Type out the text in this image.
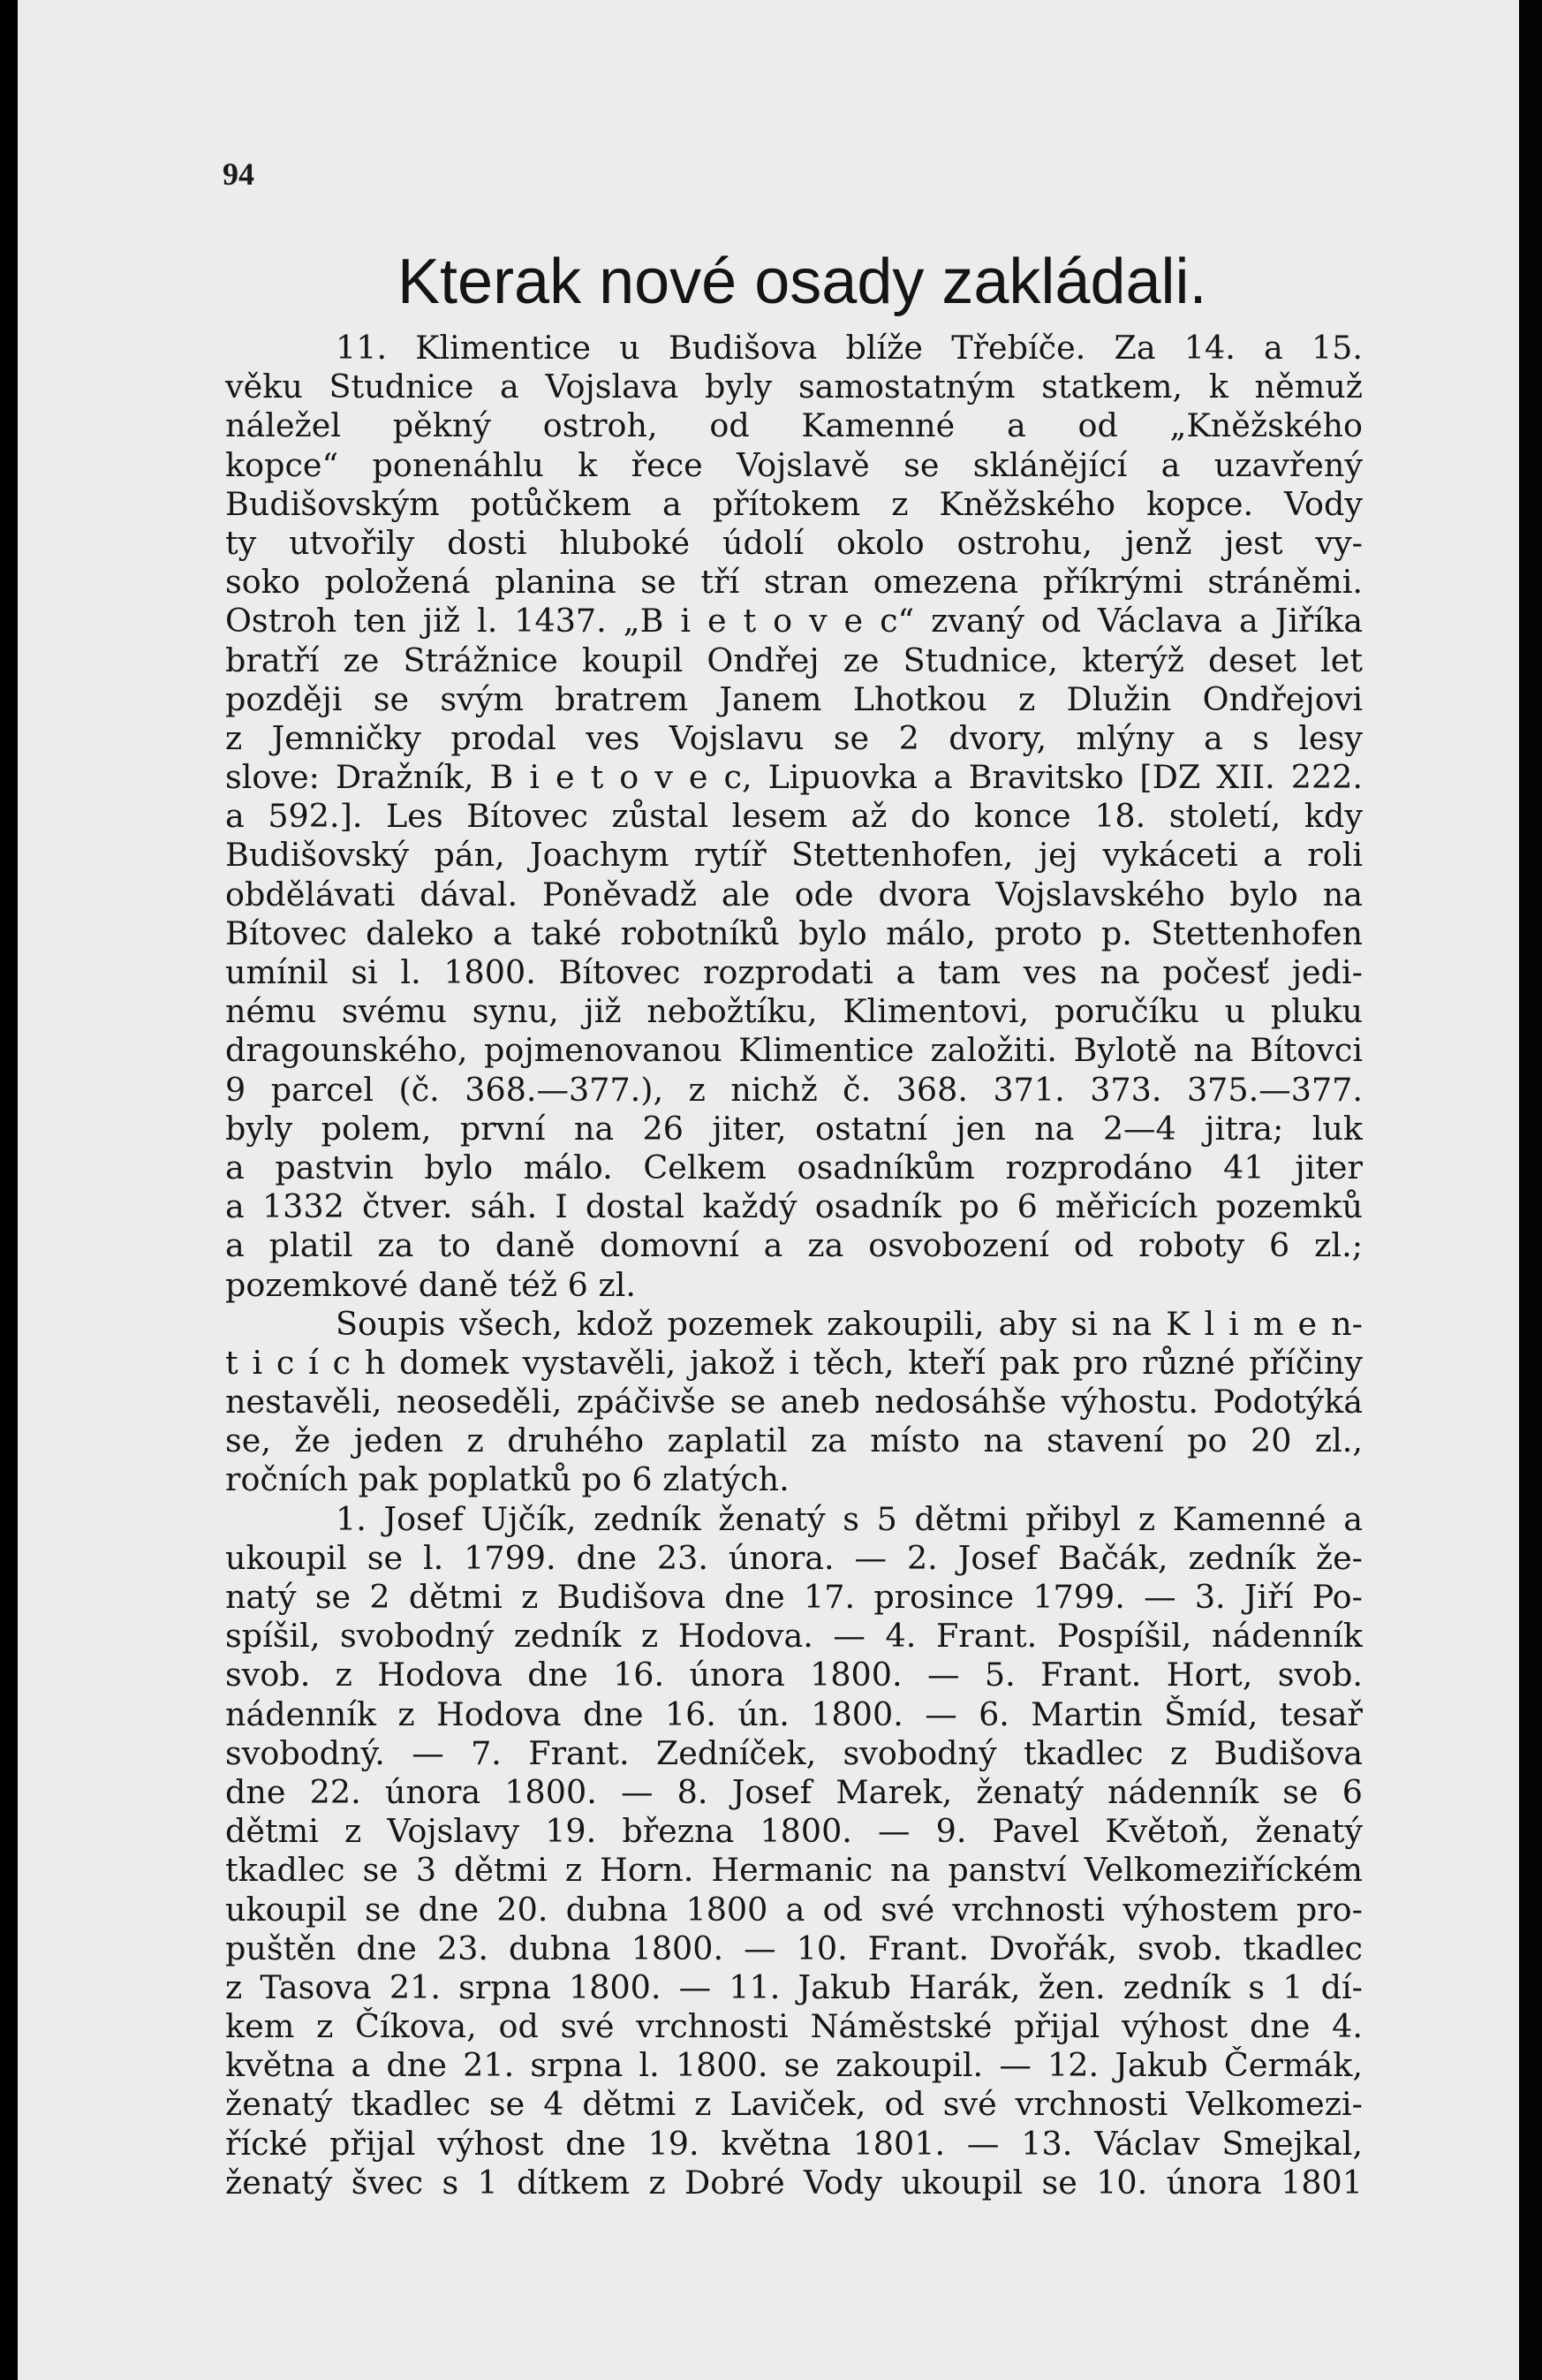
94
Kterak nové osady zakládali.
11. Klimentice u Budišova blíže Třebíče. Za 14. a 15.
věku Studnice a Vojslava byly samostatným statkem, k němuž
náležel pěkný ostroh, od Kamenné a od „Kněžského
kopce“ ponenáhlu k řece Vojslavě se sklánějící a uzavřený
Budišovským potůčkem a přítokem z Kněžského kopce. Vody
ty utvořily dosti hluboké údolí okolo ostrohu, jenž jest vy-
soko položená planina se tří stran omezena příkrými stráněmi.
Ostroh ten již l. 1437. „B i e t o v e c“ zvaný od Václava a Jiříka
bratří ze Strážnice koupil Ondřej ze Studnice, kterýž deset let
později se svým bratrem Janem Lhotkou z Dlužin Ondřejovi
z Jemničky prodal ves Vojslavu se 2 dvory, mlýny a s lesy
slove: Dražník, B i e t o v e c, Lipuovka a Bravitsko [DZ XII. 222.
a 592.]. Les Bítovec zůstal lesem až do konce 18. století, kdy
Budišovský pán, Joachym rytíř Stettenhofen, jej vykáceti a roli
obdělávati dával. Poněvadž ale ode dvora Vojslavského bylo na
Bítovec daleko a také robotníků bylo málo, proto p. Stettenhofen
umínil si l. 1800. Bítovec rozprodati a tam ves na počesť jedi-
nému svému synu, již nebožtíku, Klimentovi, poručíku u pluku
dragounského, pojmenovanou Klimentice založiti. Bylotě na Bítovci
9 parcel (č. 368.—377.), z nichž č. 368. 371. 373. 375.—377.
byly polem, první na 26 jiter, ostatní jen na 2—4 jitra; luk
a pastvin bylo málo. Celkem osadníkům rozprodáno 41 jiter
a 1332 čtver. sáh. I dostal každý osadník po 6 měřicích pozemků
a platil za to daně domovní a za osvobození od roboty 6 zl.;
pozemkové daně též 6 zl.
Soupis všech, kdož pozemek zakoupili, aby si na K l i m e n-
t i c í c h domek vystavěli, jakož i těch, kteří pak pro různé příčiny
nestavěli, neoseděli, zpáčivše se aneb nedosáhše výhostu. Podotýká
se, že jeden z druhého zaplatil za místo na stavení po 20 zl.,
ročních pak poplatků po 6 zlatých.
1. Josef Ujčík, zedník ženatý s 5 dětmi přibyl z Kamenné a
ukoupil se l. 1799. dne 23. února. — 2. Josef Bačák, zedník že-
natý se 2 dětmi z Budišova dne 17. prosince 1799. — 3. Jiří Po-
spíšil, svobodný zedník z Hodova. — 4. Frant. Pospíšil, nádenník
svob. z Hodova dne 16. února 1800. — 5. Frant. Hort, svob.
nádenník z Hodova dne 16. ún. 1800. — 6. Martin Šmíd, tesař
svobodný. — 7. Frant. Zedníček, svobodný tkadlec z Budišova
dne 22. února 1800. — 8. Josef Marek, ženatý nádenník se 6
dětmi z Vojslavy 19. března 1800. — 9. Pavel Květoň, ženatý
tkadlec se 3 dětmi z Horn. Hermanic na panství Velkomeziříckém
ukoupil se dne 20. dubna 1800 a od své vrchnosti výhostem pro-
puštěn dne 23. dubna 1800. — 10. Frant. Dvořák, svob. tkadlec
z Tasova 21. srpna 1800. — 11. Jakub Harák, žen. zedník s 1 dí-
kem z Číkova, od své vrchnosti Náměstské přijal výhost dne 4.
května a dne 21. srpna l. 1800. se zakoupil. — 12. Jakub Čermák,
ženatý tkadlec se 4 dětmi z Laviček, od své vrchnosti Velkomezi-
řícké přijal výhost dne 19. května 1801. — 13. Václav Smejkal,
ženatý švec s 1 dítkem z Dobré Vody ukoupil se 10. února 1801
